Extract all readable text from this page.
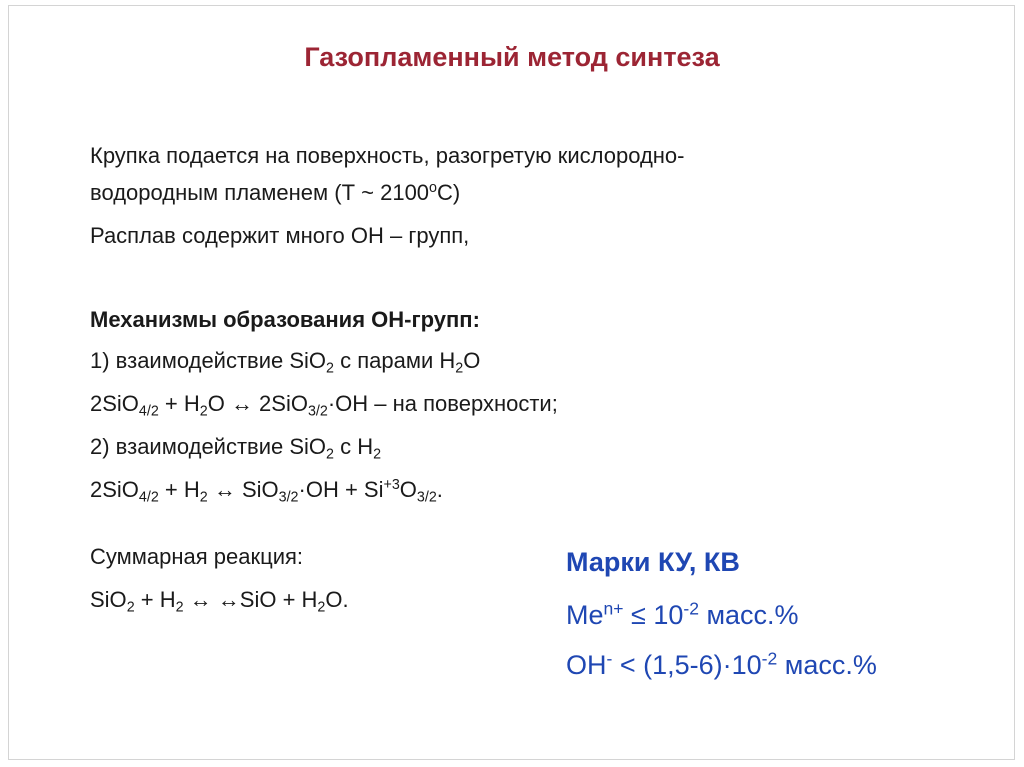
Газопламенный метод синтеза
Крупка подается на поверхность, разогретую кислородно-
водородным пламенем (Т ~ $2100^оС$)
Расплав содержит много ОН – групп,
Механизмы образования ОН-групп:
1) взаимодействие SiO$_2$ с парами $H_2O$
$2SiO_{4/2} + H_2O$ ↔ 2SiO$_{3/2}$·OH – на поверхности;
2) взаимодействие SiO$_2$ с $H_2$
$2SiO_{4/2} + H_2$ ↔ $SiO_{3/2}\cdot OH + Si^{+3}O_{3/2}$.
Суммарная реакция:
$SiO_2 + H_2$ ↔ ↔SiO + $H_2O$.
Марки КУ, КВ
$Me^{n+} \le 10^{-2}$ масс.%
$OH^- < (1,5-6)\cdot 10^{-2}$ масс.%
